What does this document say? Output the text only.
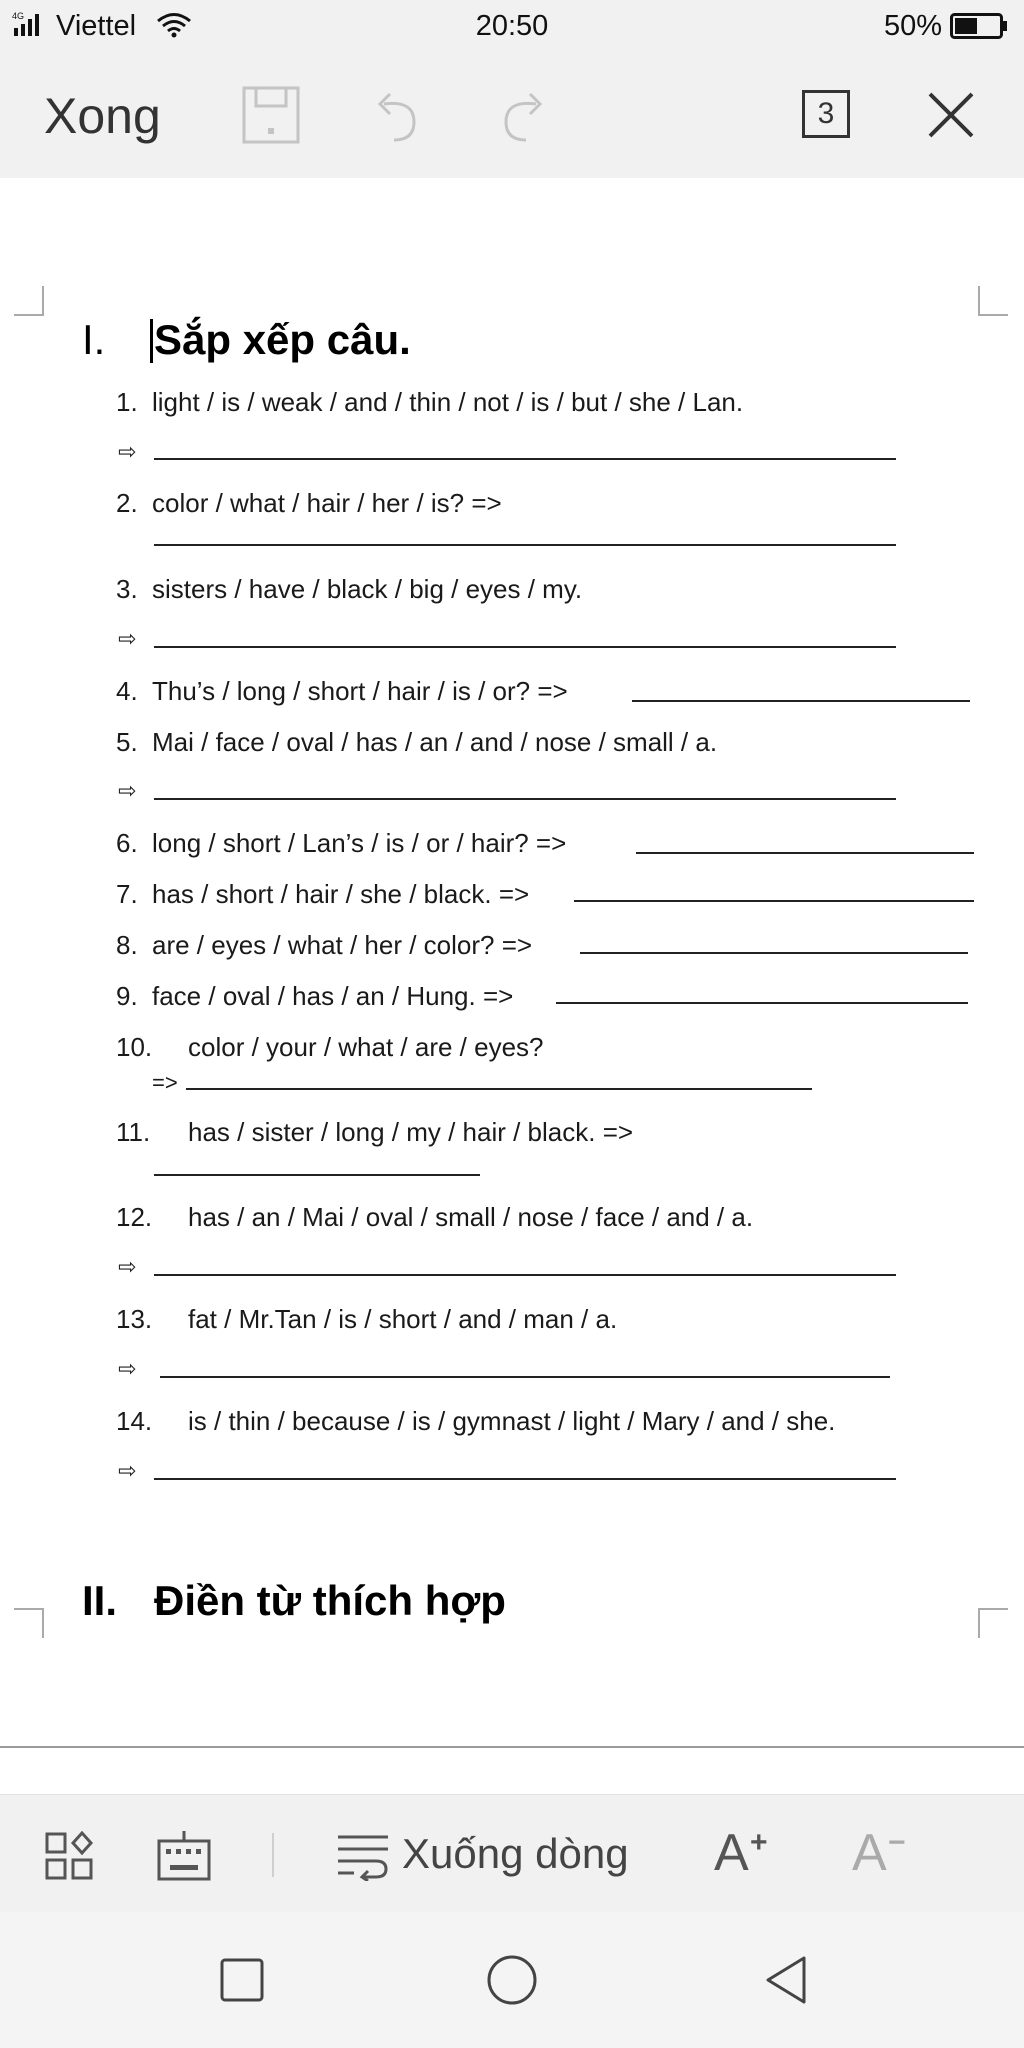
4G Viettel	20:50	50%
Xong	3
I. Sắp xếp câu.
1. light / is / weak / and / thin / not / is / but / she / Lan.
⇨
2. color / what / hair / her / is? =>
3. sisters / have / black / big / eyes / my.
⇨
4. Thu’s / long / short / hair / is / or? =>
5. Mai / face / oval / has / an / and / nose / small / a.
⇨
6. long / short / Lan’s / is / or / hair? =>
7. has / short / hair / she / black. =>
8. are / eyes / what / her / color? =>
9. face / oval / has / an / Hung. =>
10. color / your / what / are / eyes?
=>
11. has / sister / long / my / hair / black. =>
12. has / an / Mai / oval / small / nose / face / and / a.
⇨
13. fat / Mr.Tan / is / short / and / man / a.
⇨
14. is / thin / because / is / gymnast / light / Mary / and / she.
⇨
II. Điền từ thích hợp
Xuống dòng A + A −
